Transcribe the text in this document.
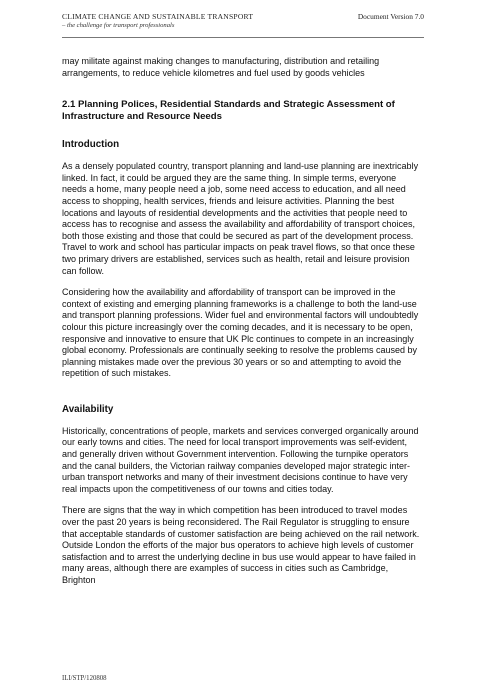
CLIMATE CHANGE AND SUSTAINABLE TRANSPORT
– the challenge for transport professionals
Document Version 7.0

may militate against making changes to manufacturing, distribution and retailing arrangements, to reduce vehicle kilometres and fuel used by goods vehicles

2.1 Planning Polices, Residential Standards and Strategic Assessment of Infrastructure and Resource Needs
Introduction

As a densely populated country, transport planning and land-use planning are inextricably linked. In fact, it could be argued they are the same thing. In simple terms, everyone needs a home, many people need a job, some need access to education, and all need access to shopping, health services, friends and leisure activities. Planning the best locations and layouts of residential developments and the activities that people need to access has to recognise and assess the availability and affordability of transport choices, both those existing and those that could be secured as part of the development process. Travel to work and school has particular impacts on peak travel flows, so that once these two primary drivers are established, services such as health, retail and leisure provision can follow.

Considering how the availability and affordability of transport can be improved in the context of existing and emerging planning frameworks is a challenge to both the land-use and transport planning professions. Wider fuel and environmental factors will undoubtedly colour this picture increasingly over the coming decades, and it is necessary to be open, responsive and innovative to ensure that UK Plc continues to compete in an increasingly global economy. Professionals are continually seeking to resolve the problems caused by planning mistakes made over the previous 30 years or so and attempting to avoid the repetition of such mistakes.

Availability

Historically, concentrations of people, markets and services converged organically around our early towns and cities. The need for local transport improvements was self-evident, and generally driven without Government intervention. Following the turnpike operators and the canal builders, the Victorian railway companies developed major strategic inter-urban transport networks and many of their investment decisions continue to have very real impacts upon the competitiveness of our towns and cities today.

There are signs that the way in which competition has been introduced to travel modes over the past 20 years is being reconsidered. The Rail Regulator is struggling to ensure that acceptable standards of customer satisfaction are being achieved on the rail network. Outside London the efforts of the major bus operators to achieve high levels of customer satisfaction and to arrest the underlying decline in bus use would appear to have failed in many areas, although there are examples of success in cities such as Cambridge, Brighton

ILI/STP/120808
